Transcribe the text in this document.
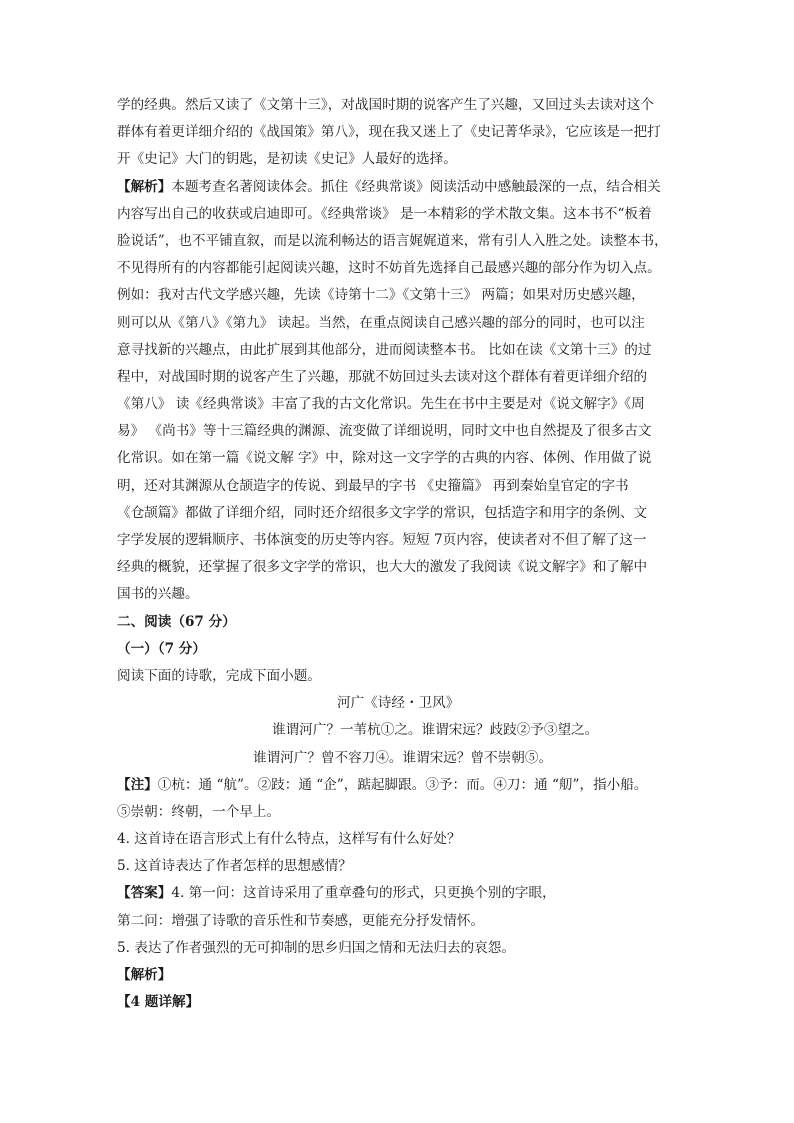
学的经典。然后又读了《文第十三》，对战国时期的说客产生了兴趣，又回过头去读对这个
群体有着更详细介绍的《战国策》第八》，现在我又迷上了《史记菁华录》，它应该是一把打
开《史记》大门的钥匙，是初读《史记》人最好的选择。
【解析】本题考查名著阅读体会。抓住《经典常谈》阅读活动中感触最深的一点，结合相关
内容写出自己的收获或启迪即可。《经典常谈》 是一本精彩的学术散文集。这本书不“板着
脸说话”，也不平铺直叙，而是以流利畅达的语言娓娓道来，常有引人入胜之处。读整本书，
不见得所有的内容都能引起阅读兴趣，这时不妨首先选择自己最感兴趣的部分作为切入点。
例如：我对古代文学感兴趣，先读《诗第十二》《文第十三》 两篇；如果对历史感兴趣，
则可以从《第八》《第九》 读起。当然，在重点阅读自己感兴趣的部分的同时，也可以注
意寻找新的兴趣点，由此扩展到其他部分，进而阅读整本书。 比如在读《文第十三》的过
程中，对战国时期的说客产生了兴趣，那就不妨回过头去读对这个群体有着更详细介绍的
《第八》 读《经典常谈》丰富了我的古文化常识。先生在书中主要是对《说文解字》《周
易》 《尚书》等十三篇经典的渊源、流变做了详细说明，同时文中也自然提及了很多古文
化常识。如在第一篇《说文解 字》中，除对这一文字学的古典的内容、体例、作用做了说
明，还对其渊源从仓颉造字的传说、到最早的字书 《史籀篇》 再到秦始皇官定的字书
《仓颉篇》都做了详细介绍，同时还介绍很多文字学的常识，包括造字和用字的条例、文
字学发展的逻辑顺序、书体演变的历史等内容。短短 7页内容，使读者对不但了解了这一
经典的概貌，还掌握了很多文字学的常识，也大大的激发了我阅读《说文解字》和了解中
国书的兴趣。
二、阅读（67 分）
（一）（7 分）
阅读下面的诗歌，完成下面小题。
河广《诗经・卫风》
谁谓河广？一苇杭①之。谁谓宋远？歧跂②予③望之。
谁谓河广？曾不容刀④。谁谓宋远？曾不崇朝⑤。
【注】①杭：通 “航”。②跂：通 “企”，踮起脚跟。③予：而。④刀：通 “舠”，指小船。
⑤崇朝：终朝，一个早上。
4. 这首诗在语言形式上有什么特点，这样写有什么好处？
5. 这首诗表达了作者怎样的思想感情？
【答案】4. 第一问：这首诗采用了重章叠句的形式，只更换个别的字眼，
第二问：增强了诗歌的音乐性和节奏感，更能充分抒发情怀。
5. 表达了作者强烈的无可抑制的思乡归国之情和无法归去的哀怨。
【解析】
【4 题详解】
